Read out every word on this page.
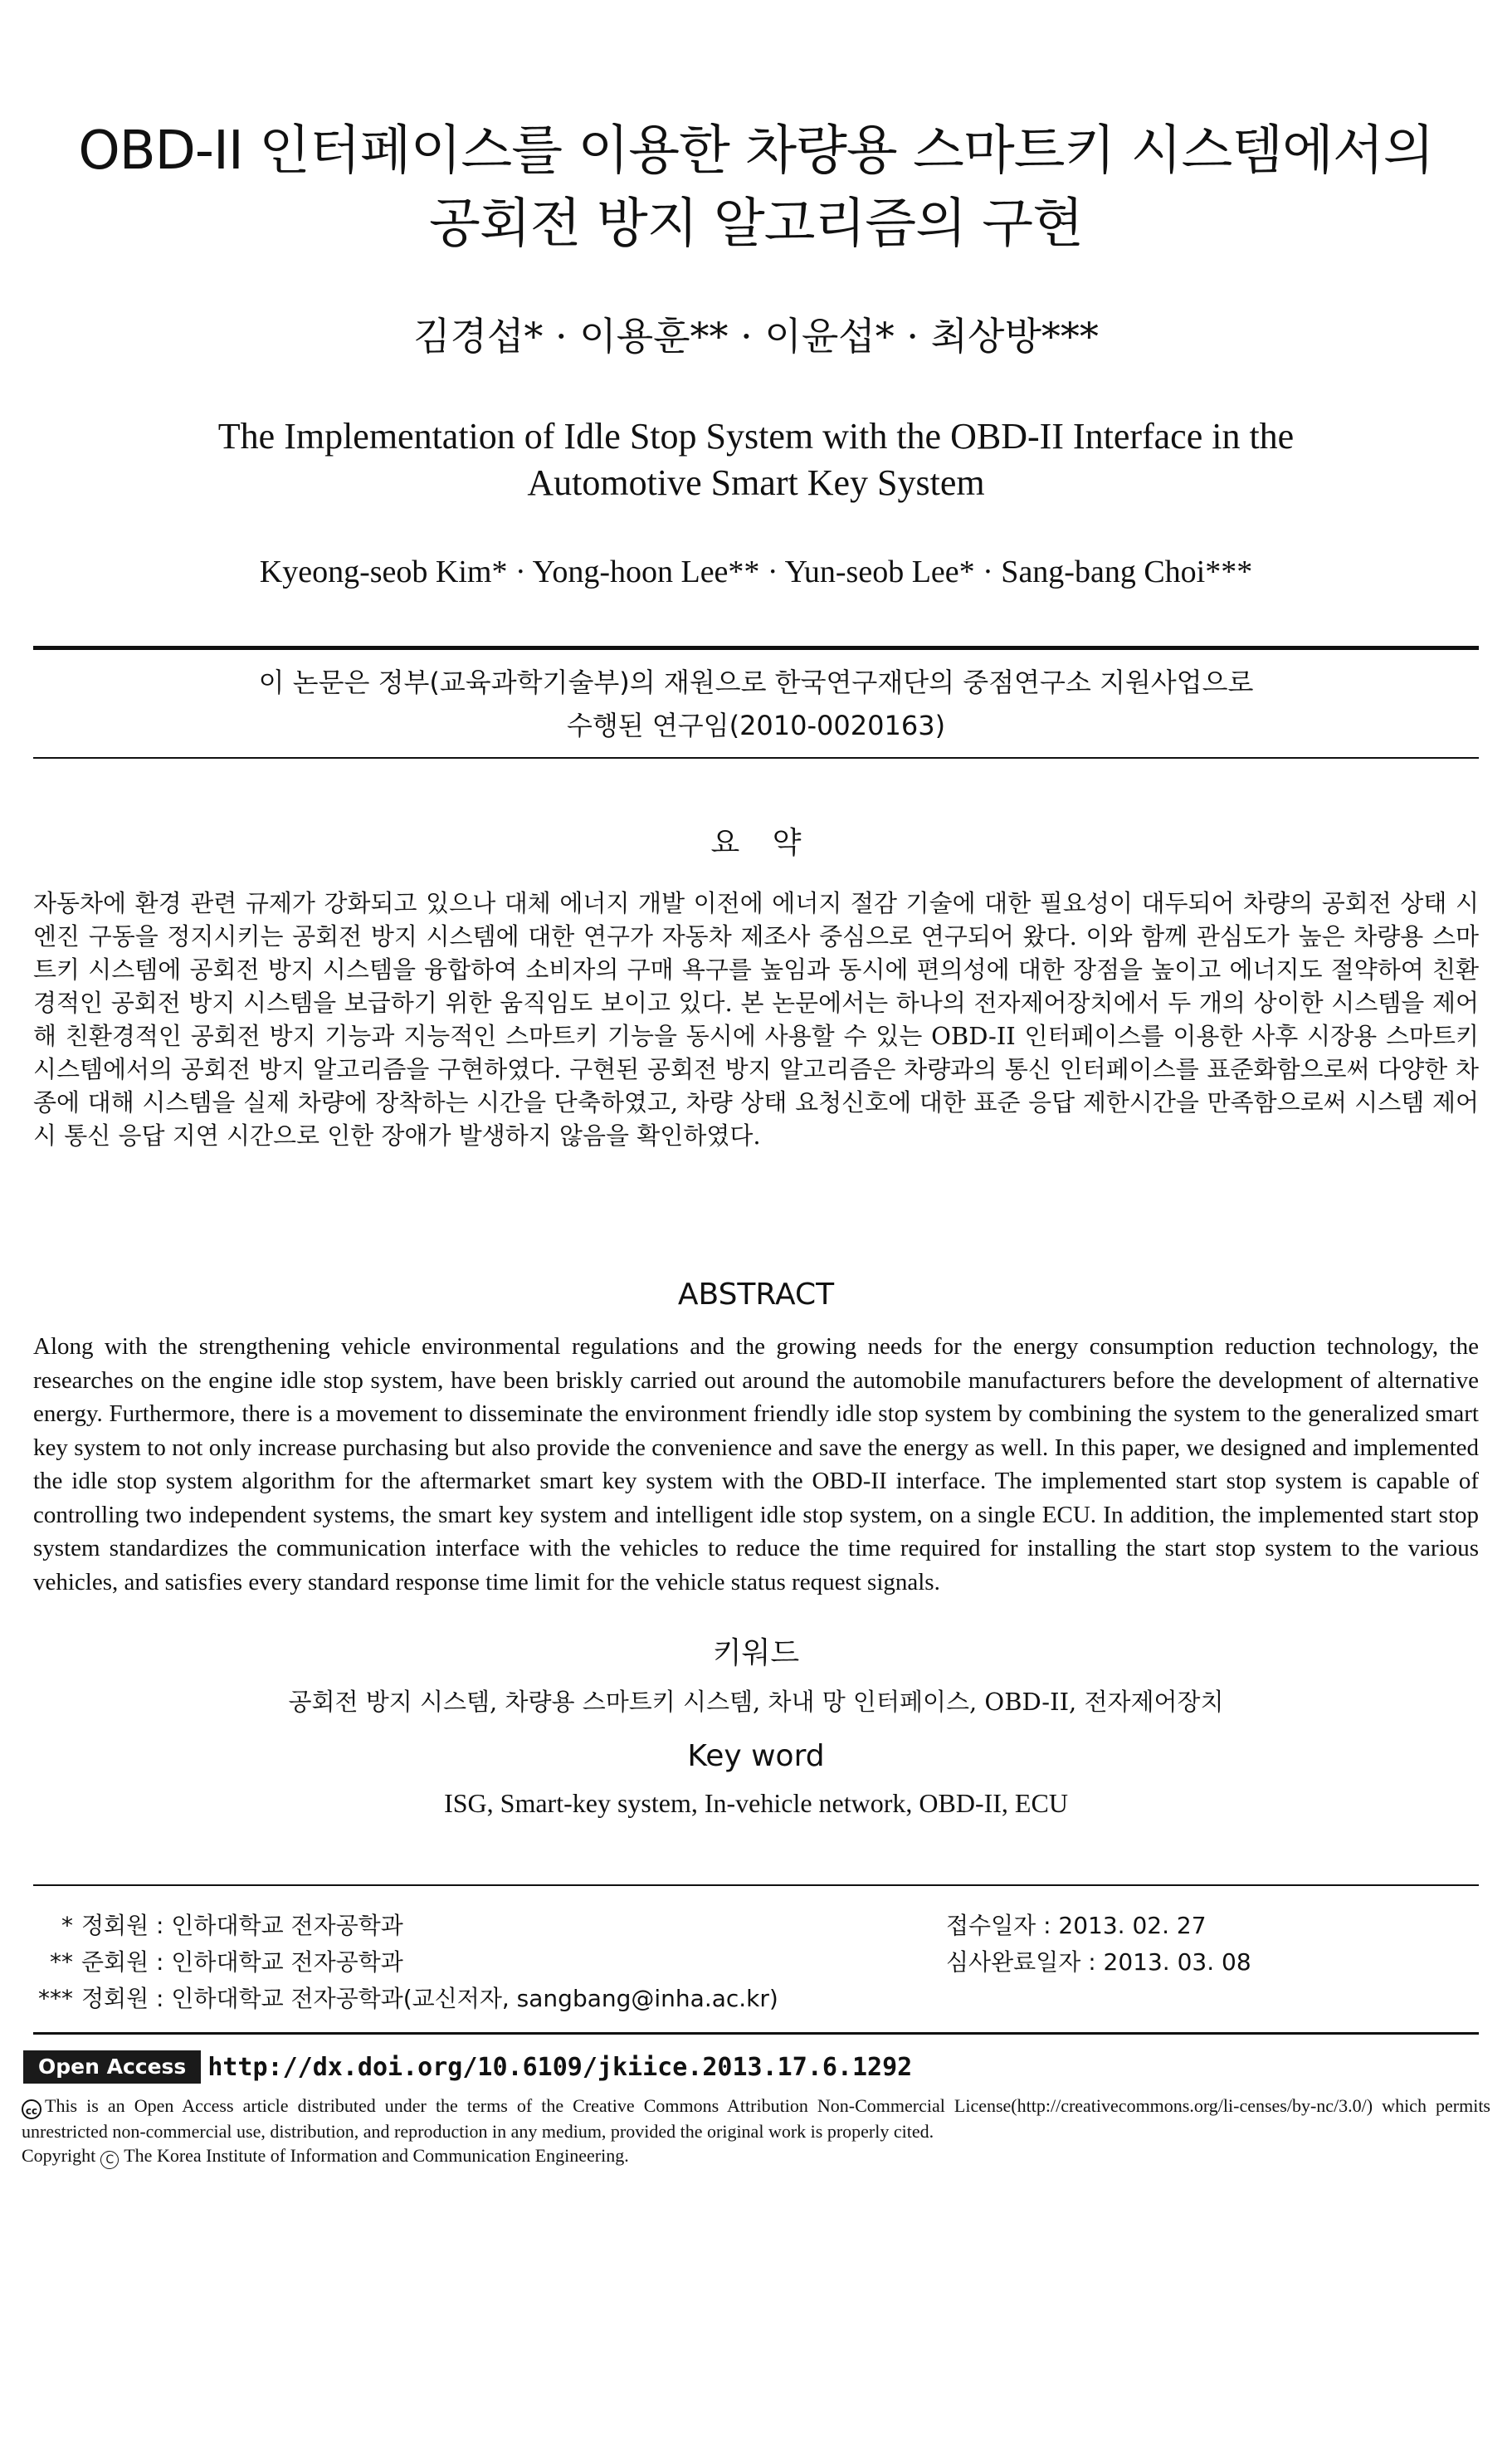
OBD-II 인터페이스를 이용한 차량용 스마트키 시스템에서의
공회전 방지 알고리즘의 구현
김경섭* · 이용훈** · 이윤섭* · 최상방***
The Implementation of Idle Stop System with the OBD-II Interface in the
Automotive Smart Key System
Kyeong-seob Kim* · Yong-hoon Lee** · Yun-seob Lee* · Sang-bang Choi***
이 논문은 정부(교육과학기술부)의 재원으로 한국연구재단의 중점연구소 지원사업으로
수행된 연구임(2010-0020163)
요 약

자동차에 환경 관련 규제가 강화되고 있으나 대체 에너지 개발 이전에 에너지 절감 기술에 대한 필요성이 대두되어 차량의 공회전 상태 시 엔진 구동을 정지시키는 공회전 방지 시스템에 대한 연구가 자동차 제조사 중심으로 연구되어 왔다. 이와 함께 관심도가 높은 차량용 스마트키 시스템에 공회전 방지 시스템을 융합하여 소비자의 구매 욕구를 높임과 동시에 편의성에 대한 장점을 높이고 에너지도 절약하여 친환경적인 공회전 방지 시스템을 보급하기 위한 움직임도 보이고 있다. 본 논문에서는 하나의 전자제어장치에서 두 개의 상이한 시스템을 제어해 친환경적인 공회전 방지 기능과 지능적인 스마트키 기능을 동시에 사용할 수 있는 OBD-II 인터페이스를 이용한 사후 시장용 스마트키 시스템에서의 공회전 방지 알고리즘을 구현하였다. 구현된 공회전 방지 알고리즘은 차량과의 통신 인터페이스를 표준화함으로써 다양한 차종에 대해 시스템을 실제 차량에 장착하는 시간을 단축하였고, 차량 상태 요청신호에 대한 표준 응답 제한시간을 만족함으로써 시스템 제어 시 통신 응답 지연 시간으로 인한 장애가 발생하지 않음을 확인하였다.

ABSTRACT

Along with the strengthening vehicle environmental regulations and the growing needs for the energy consumption reduction technology, the researches on the engine idle stop system, have been briskly carried out around the automobile manufacturers before the development of alternative energy. Furthermore, there is a movement to disseminate the environment friendly idle stop system by combining the system to the generalized smart key system to not only increase purchasing but also provide the convenience and save the energy as well. In this paper, we designed and implemented the idle stop system algorithm for the aftermarket smart key system with the OBD-II interface. The implemented start stop system is capable of controlling two independent systems, the smart key system and intelligent idle stop system, on a single ECU. In addition, the implemented start stop system standardizes the communication interface with the vehicles to reduce the time required for installing the start stop system to the various vehicles, and satisfies every standard response time limit for the vehicle status request signals.

키워드
공회전 방지 시스템, 차량용 스마트키 시스템, 차내 망 인터페이스, OBD-II, 전자제어장치
Key word
ISG, Smart-key system, In-vehicle network, OBD-II, ECU
* 정회원 : 인하대학교 전자공학과
** 준회원 : 인하대학교 전자공학과
*** 정회원 : 인하대학교 전자공학과(교신저자, sangbang@inha.ac.kr)
접수일자 : 2013. 02. 27
심사완료일자 : 2013. 03. 08
Open Access http://dx.doi.org/10.6109/jkiice.2013.17.6.1292

cc This is an Open Access article distributed under the terms of the Creative Commons Attribution Non-Commercial License(http://creativecommons.org/li-censes/by-nc/3.0/) which permits unrestricted non-commercial use, distribution, and reproduction in any medium, provided the original work is properly cited.

Copyright C The Korea Institute of Information and Communication Engineering.
